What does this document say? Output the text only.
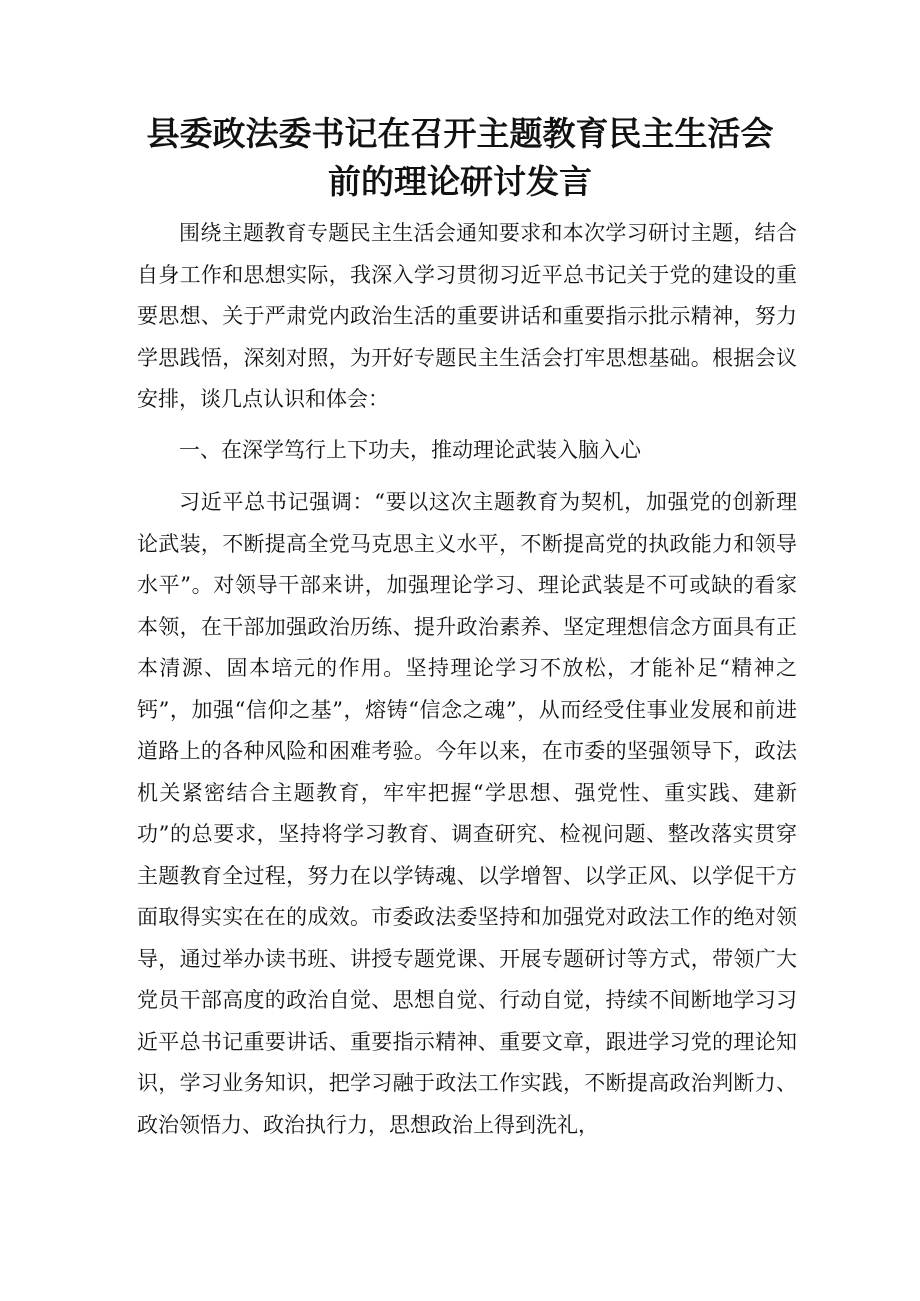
县委政法委书记在召开主题教育民主生活会
前的理论研讨发言
围绕主题教育专题民主生活会通知要求和本次学习研讨主题，结合自身工作和思想实际，我深入学习贯彻习近平总书记关于党的建设的重要思想、关于严肃党内政治生活的重要讲话和重要指示批示精神，努力学思践悟，深刻对照，为开好专题民主生活会打牢思想基础。根据会议安排，谈几点认识和体会：
一、在深学笃行上下功夫，推动理论武装入脑入心
习近平总书记强调：“要以这次主题教育为契机，加强党的创新理论武装，不断提高全党马克思主义水平，不断提高党的执政能力和领导水平”。对领导干部来讲，加强理论学习、理论武装是不可或缺的看家本领，在干部加强政治历练、提升政治素养、坚定理想信念方面具有正本清源、固本培元的作用。坚持理论学习不放松，才能补足“精神之钙”，加强“信仰之基”，熔铸“信念之魂”，从而经受住事业发展和前进道路上的各种风险和困难考验。今年以来，在市委的坚强领导下，政法机关紧密结合主题教育，牢牢把握“学思想、强党性、重实践、建新功”的总要求，坚持将学习教育、调查研究、检视问题、整改落实贯穿主题教育全过程，努力在以学铸魂、以学增智、以学正风、以学促干方面取得实实在在的成效。市委政法委坚持和加强党对政法工作的绝对领导，通过举办读书班、讲授专题党课、开展专题研讨等方式，带领广大党员干部高度的政治自觉、思想自觉、行动自觉，持续不间断地学习习近平总书记重要讲话、重要指示精神、重要文章，跟进学习党的理论知识，学习业务知识，把学习融于政法工作实践，不断提高政治判断力、政治领悟力、政治执行力，思想政治上得到洗礼，
